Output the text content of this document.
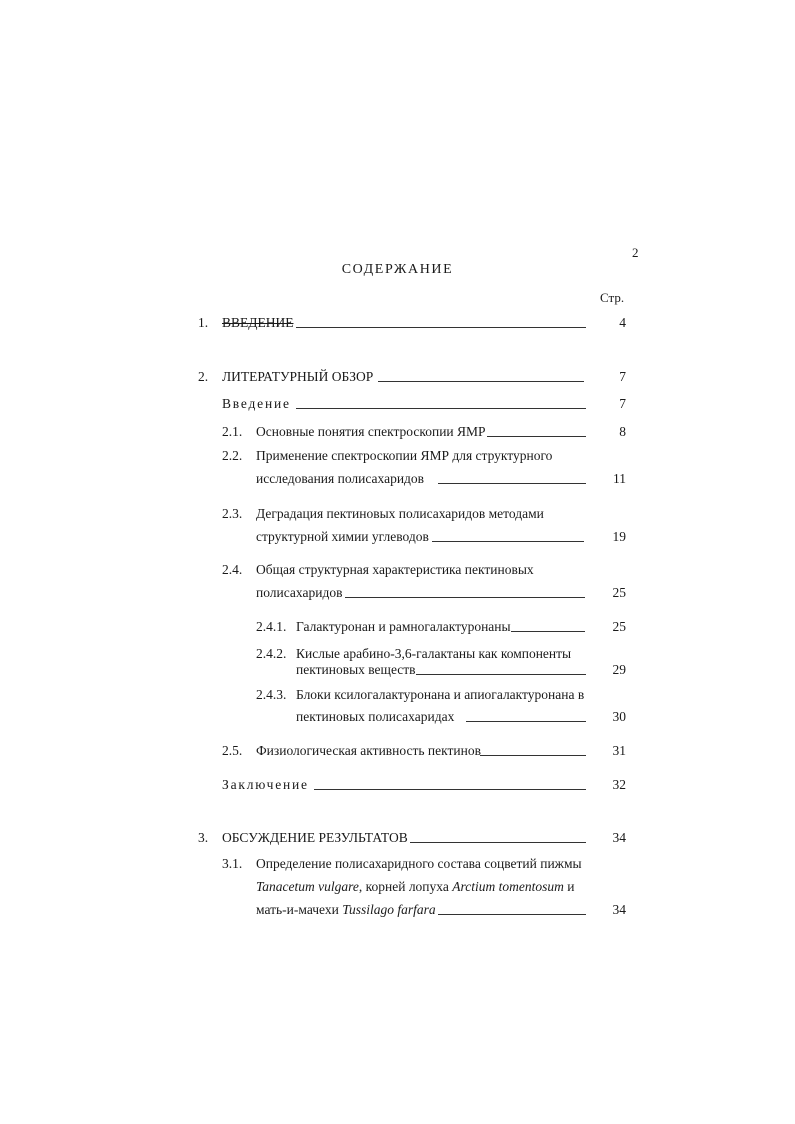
2
СОДЕРЖАНИЕ
Стр.
1. ВВЕДЕНИЕ	4
2. ЛИТЕРАТУРНЫЙ ОБЗОР	7
Введение	7
2.1. Основные понятия спектроскопии ЯМР	8
2.2. Применение спектроскопии ЯМР для структурного
исследования полисахаридов	11
2.3. Деградация пектиновых полисахаридов методами
структурной химии углеводов	19
2.4. Общая структурная характеристика пектиновых
полисахаридов	25
2.4.1. Галактуронан и рамногалактуронаны	25
2.4.2. Кислые арабино-3,6-галактаны как компоненты
пектиновых веществ	29
2.4.3. Блоки ксилогалактуронана и апиогалактуронана в
пектиновых полисахаридах	30
2.5. Физиологическая активность пектинов	31
Заключение	32
3. ОБСУЖДЕНИЕ РЕЗУЛЬТАТОВ	34
3.1. Определение полисахаридного состава соцветий пижмы
Tanacetum vulgare, корней лопуха Arctium tomentosum и
мать-и-мачехи Tussilago farfara	34
